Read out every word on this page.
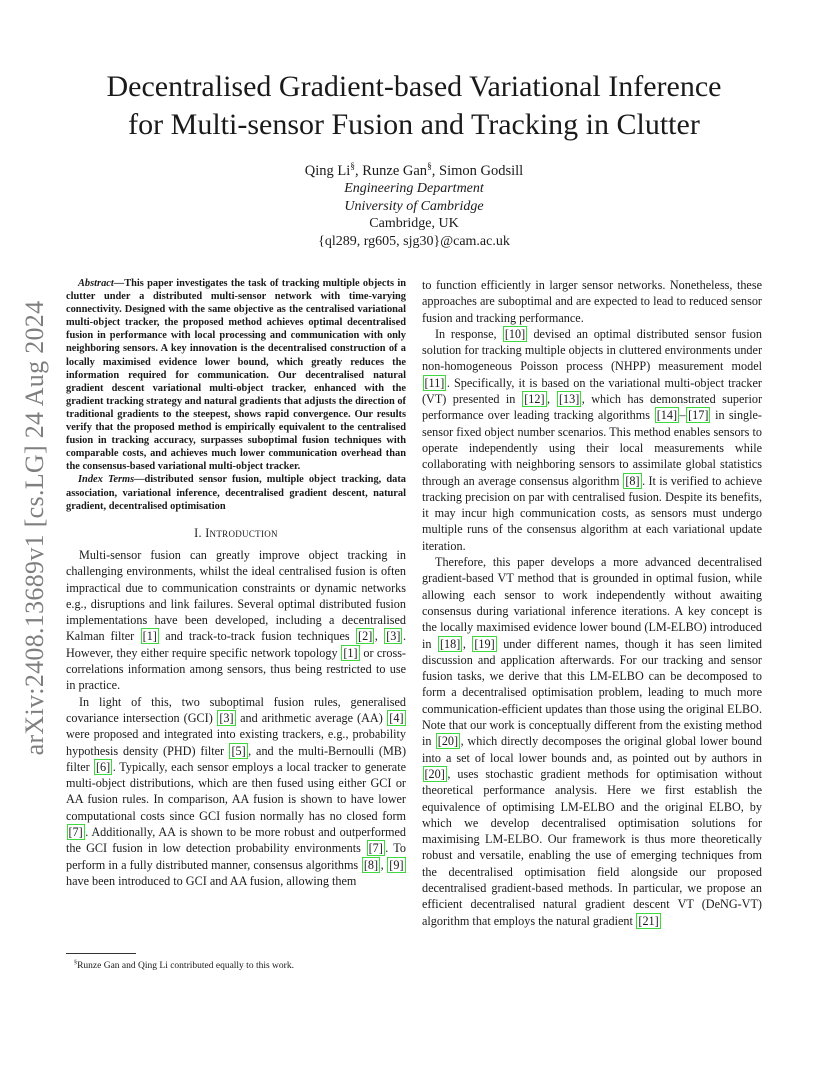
arXiv:2408.13689v1 [cs.LG] 24 Aug 2024
Decentralised Gradient-based Variational Inference
for Multi-sensor Fusion and Tracking in Clutter
Qing Li§, Runze Gan§, Simon Godsill
Engineering Department
University of Cambridge
Cambridge, UK
{ql289, rg605, sjg30}@cam.ac.uk

Abstract—This paper investigates the task of tracking multiple objects in clutter under a distributed multi-sensor network with time-varying connectivity. Designed with the same objective as the centralised variational multi-object tracker, the proposed method achieves optimal decentralised fusion in performance with local processing and communication with only neighboring sensors. A key innovation is the decentralised construction of a locally maximised evidence lower bound, which greatly reduces the information required for communication. Our decentralised natural gradient descent variational multi-object tracker, enhanced with the gradient tracking strategy and natural gradients that adjusts the direction of traditional gradients to the steepest, shows rapid convergence. Our results verify that the proposed method is empirically equivalent to the centralised fusion in tracking accuracy, surpasses suboptimal fusion techniques with comparable costs, and achieves much lower communication overhead than the consensus-based variational multi-object tracker.

Index Terms—distributed sensor fusion, multiple object tracking, data association, variational inference, decentralised gradient descent, natural gradient, decentralised optimisation

I. Introduction

Multi-sensor fusion can greatly improve object tracking in challenging environments, whilst the ideal centralised fusion is often impractical due to communication constraints or dynamic networks e.g., disruptions and link failures. Several optimal distributed fusion implementations have been developed, including a decentralised Kalman filter [1] and track-to-track fusion techniques [2] , [3] . However, they either require specific network topology [1] or cross-correlations information among sensors, thus being restricted to use in practice.

In light of this, two suboptimal fusion rules, generalised covariance intersection (GCI) [3] and arithmetic average (AA) [4] were proposed and integrated into existing trackers, e.g., probability hypothesis density (PHD) filter [5] , and the multi-Bernoulli (MB) filter [6] . Typically, each sensor employs a local tracker to generate multi-object distributions, which are then fused using either GCI or AA fusion rules. In comparison, AA fusion is shown to have lower computational costs since GCI fusion normally has no closed form [7] . Additionally, AA is shown to be more robust and outperformed the GCI fusion in low detection probability environments [7] . To perform in a fully distributed manner, consensus algorithms [8] , [9] have been introduced to GCI and AA fusion, allowing them

§Runze Gan and Qing Li contributed equally to this work.

to function efficiently in larger sensor networks. Nonetheless, these approaches are suboptimal and are expected to lead to reduced sensor fusion and tracking performance.

In response, [10] devised an optimal distributed sensor fusion solution for tracking multiple objects in cluttered environments under non-homogeneous Poisson process (NHPP) measurement model [11] . Specifically, it is based on the variational multi-object tracker (VT) presented in [12] , [13] , which has demonstrated superior performance over leading tracking algorithms [14] – [17] in single-sensor fixed object number scenarios. This method enables sensors to operate independently using their local measurements while collaborating with neighboring sensors to assimilate global statistics through an average consensus algorithm [8] . It is verified to achieve tracking precision on par with centralised fusion. Despite its benefits, it may incur high communication costs, as sensors must undergo multiple runs of the consensus algorithm at each variational update iteration.

Therefore, this paper develops a more advanced decentralised gradient-based VT method that is grounded in optimal fusion, while allowing each sensor to work independently without awaiting consensus during variational inference iterations. A key concept is the locally maximised evidence lower bound (LM-ELBO) introduced in [18] , [19] under different names, though it has seen limited discussion and application afterwards. For our tracking and sensor fusion tasks, we derive that this LM-ELBO can be decomposed to form a decentralised optimisation problem, leading to much more communication-efficient updates than those using the original ELBO. Note that our work is conceptually different from the existing method in [20] , which directly decomposes the original global lower bound into a set of local lower bounds and, as pointed out by authors in [20] , uses stochastic gradient methods for optimisation without theoretical performance analysis. Here we first establish the equivalence of optimising LM-ELBO and the original ELBO, by which we develop decentralised optimisation solutions for maximising LM-ELBO. Our framework is thus more theoretically robust and versatile, enabling the use of emerging techniques from the decentralised optimisation field alongside our proposed decentralised gradient-based methods. In particular, we propose an efficient decentralised natural gradient descent VT (DeNG-VT) algorithm that employs the natural gradient [21]
